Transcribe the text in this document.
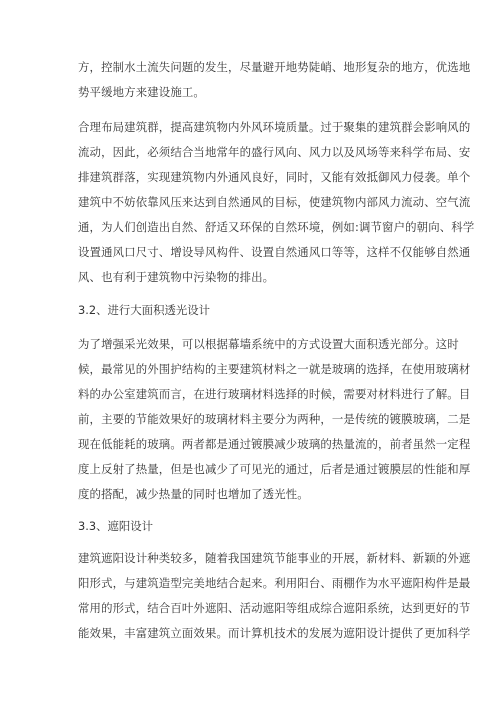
方，控制水土流失问题的发生，尽量避开地势陡峭、地形复杂的地方，优选地
势平缓地方来建设施工。
合理布局建筑群，提高建筑物内外风环境质量。过于聚集的建筑群会影响风的
流动，因此，必须结合当地常年的盛行风向、风力以及风场等来科学布局、安
排建筑群落，实现建筑物内外通风良好，同时，又能有效抵御风力侵袭。单个
建筑中不妨依靠风压来达到自然通风的目标，使建筑物内部风力流动、空气流
通，为人们创造出自然、舒适又环保的自然环境，例如:调节窗户的朝向、科学
设置通风口尺寸、增设导风构件、设置自然通风口等等，这样不仅能够自然通
风、也有利于建筑物中污染物的排出。
3.2、进行大面积透光设计
为了增强采光效果，可以根据幕墙系统中的方式设置大面积透光部分。这时
候，最常见的外围护结构的主要建筑材料之一就是玻璃的选择，在使用玻璃材
料的办公室建筑而言，在进行玻璃材料选择的时候，需要对材料进行了解。目
前，主要的节能效果好的玻璃材料主要分为两种，一是传统的镀膜玻璃，二是
现在低能耗的玻璃。两者都是通过镀膜减少玻璃的热量流的，前者虽然一定程
度上反射了热量，但是也减少了可见光的通过，后者是通过镀膜层的性能和厚
度的搭配，减少热量的同时也增加了透光性。
3.3、遮阳设计
建筑遮阳设计种类较多，随着我国建筑节能事业的开展，新材料、新颖的外遮
阳形式，与建筑造型完美地结合起来。利用阳台、雨棚作为水平遮阳构件是最
常用的形式，结合百叶外遮阳、活动遮阳等组成综合遮阳系统，达到更好的节
能效果，丰富建筑立面效果。而计算机技术的发展为遮阳设计提供了更加科学
